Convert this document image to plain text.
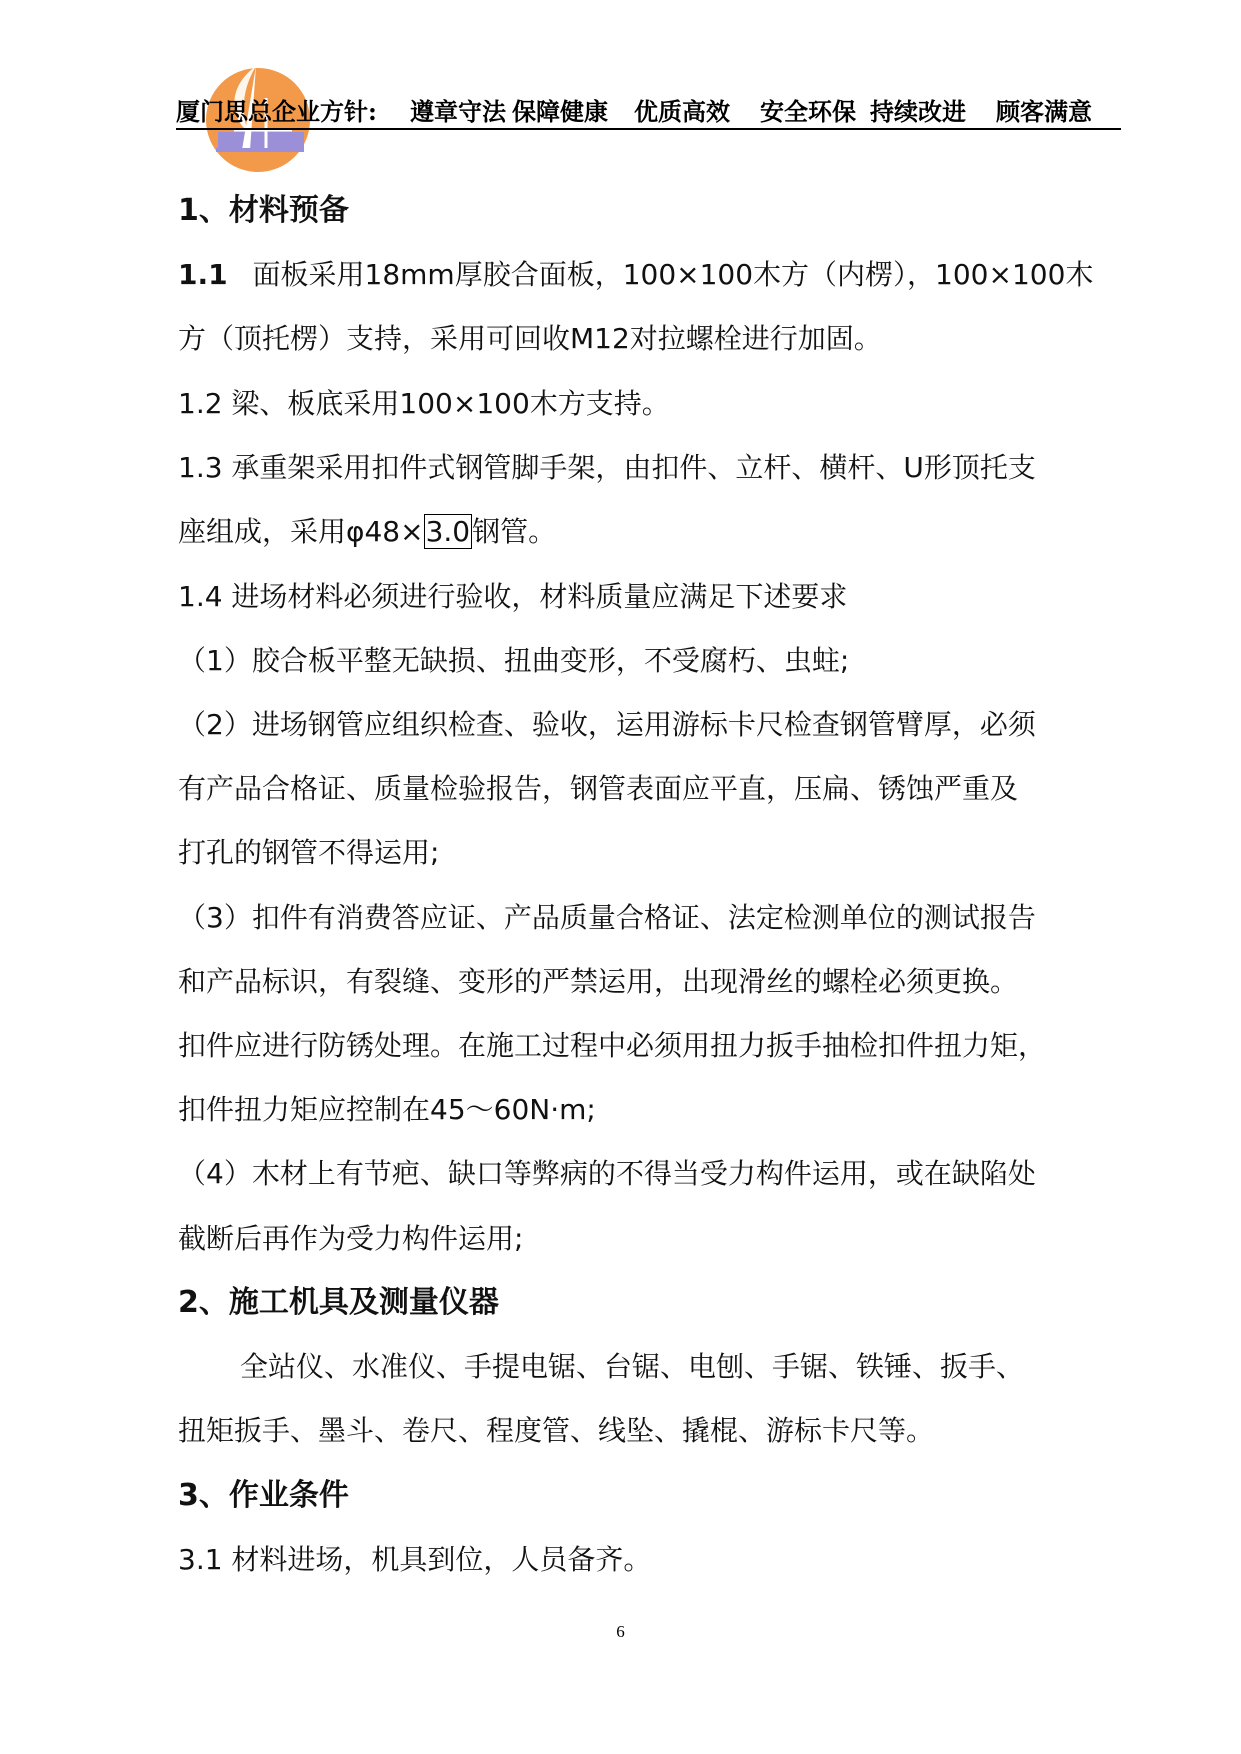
厦门思总企业方针: 遵章守法 保障健康 优质高效 安全环保 持续改进 顾客满意
1、材料预备
1.1 面板采用18mm厚胶合面板，100×100木方（内楞），100×100木
方（顶托楞）支持，采用可回收M12对拉螺栓进行加固。
1.2 梁、板底采用100×100木方支持。
1.3 承重架采用扣件式钢管脚手架，由扣件、立杆、横杆、U形顶托支
座组成，采用φ48×3.0钢管。
1.4 进场材料必须进行验收，材料质量应满足下述要求
（1）胶合板平整无缺损、扭曲变形，不受腐朽、虫蛀;
（2）进场钢管应组织检查、验收，运用游标卡尺检查钢管臂厚，必须
有产品合格证、质量检验报告，钢管表面应平直，压扁、锈蚀严重及
打孔的钢管不得运用;
（3）扣件有消费答应证、产品质量合格证、法定检测单位的测试报告
和产品标识，有裂缝、变形的严禁运用，出现滑丝的螺栓必须更换。
扣件应进行防锈处理。在施工过程中必须用扭力扳手抽检扣件扭力矩，
扣件扭力矩应控制在45～60N·m;
（4）木材上有节疤、缺口等弊病的不得当受力构件运用，或在缺陷处
截断后再作为受力构件运用;
2、施工机具及测量仪器
全站仪、水准仪、手提电锯、台锯、电刨、手锯、铁锤、扳手、
扭矩扳手、墨斗、卷尺、程度管、线坠、撬棍、游标卡尺等。
3、作业条件
3.1 材料进场，机具到位，人员备齐。
6
